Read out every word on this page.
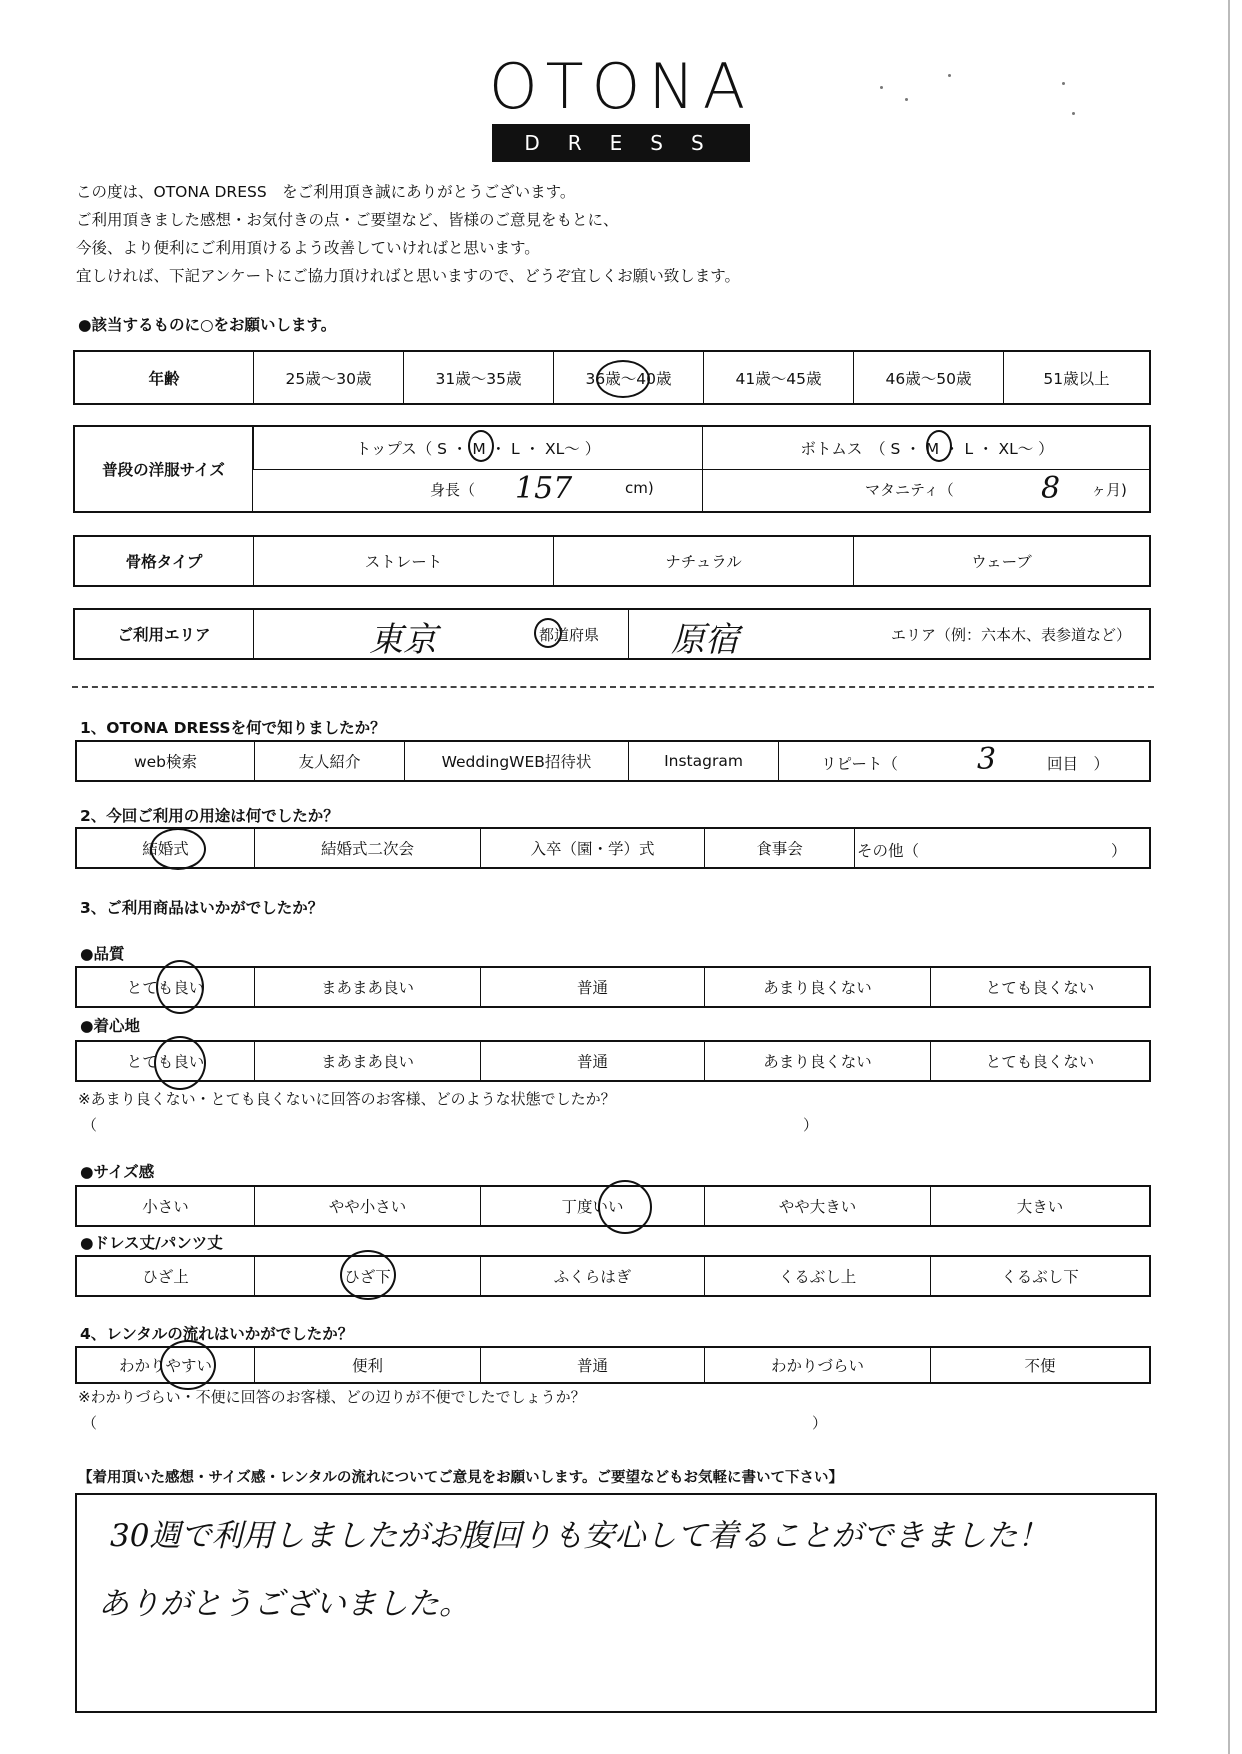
OTONA
DRESS
この度は、OTONA DRESS　をご利用頂き誠にありがとうございます。
ご利用頂きました感想・お気付きの点・ご要望など、皆様のご意見をもとに、
今後、より便利にご利用頂けるよう改善していければと思います。
宜しければ、下記アンケートにご協力頂ければと思いますので、どうぞ宜しくお願い致します。
●該当するものに○をお願いします。
年齢	25歳～30歳	31歳～35歳	36歳～40歳	41歳～45歳	46歳～50歳	51歳以上
普段の洋服サイズ
トップス（ S ・ M ・ L ・ XL～ ）	ボトムス　（ S ・ M ・ L ・ XL～ ）
身長（ 157	cm)	マタニティ（	8 ヶ月)
骨格タイプ	ストレート	ナチュラル	ウェーブ
ご利用エリア	東京	都道府県 原宿	エリア（例：六本木、表参道など）
1、OTONA DRESSを何で知りましたか？
web検索	友人紹介	WeddingWEB招待状	Instagram	リピート（	3	回目　）
2、今回ご利用の用途は何でしたか？
結婚式	結婚式二次会	入卒（園・学）式	食事会	その他（	）
3、ご利用商品はいかがでしたか？
●品質
とても良い	まあまあ良い	普通	あまり良くない	とても良くない
●着心地
とても良い	まあまあ良い	普通	あまり良くない	とても良くない
※あまり良くない・とても良くないに回答のお客様、どのような状態でしたか？
（	）
●サイズ感
小さい	やや小さい	丁度いい	やや大きい	大きい
●ドレス丈/パンツ丈
ひざ上	ひざ下	ふくらはぎ	くるぶし上	くるぶし下
4、レンタルの流れはいかがでしたか？
わかりやすい	便利	普通	わかりづらい	不便
※わかりづらい・不便に回答のお客様、どの辺りが不便でしたでしょうか？
（	）
【着用頂いた感想・サイズ感・レンタルの流れについてご意見をお願いします。ご要望などもお気軽に書いて下さい】
30週で利用しましたがお腹回りも安心して着ることができました！
ありがとうございました。
